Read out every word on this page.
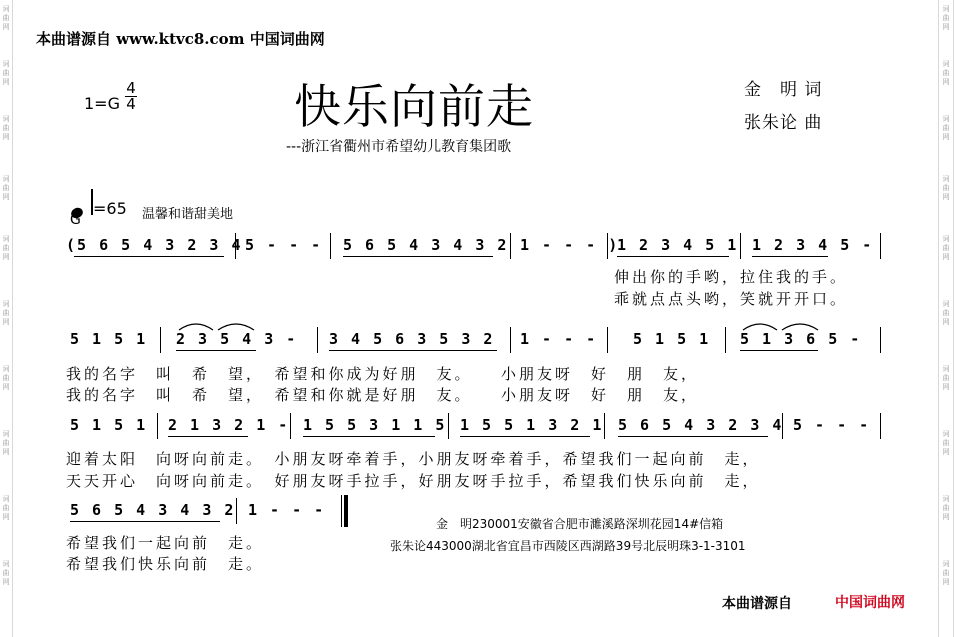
词曲网
词曲网
词曲网
词曲网
词曲网
词曲网
词曲网
词曲网
词曲网
词曲网
词曲网
词曲网
词曲网
词曲网
词曲网
词曲网
词曲网
词曲网
词曲网
词曲网
本曲谱源自 www.ktvc8.com 中国词曲网
1=G
4
4	快乐向前走
---浙江省衢州市希望幼儿教育集团歌
金　明 词
张朱论 曲
G
=65 温馨和谐甜美地
(5 6 5 4 3 2 3 4 5 - - - 5 6 5 4 3 4 3 2 1 - - - )
1 2 3 4 5 1 1 2 3 4 5 -
伸出你的手哟，拉住我的手。
乖就点点头哟，笑就开开口。
5 1 5 1 2 3 5 4 3 - 3 4 5 6 3 5 3 2 1 - - - 5 1 5 1 5 1 3 6 5 -
我的名字　叫　希　望，　希望和你成为好朋　友。　　小朋友呀　好　朋　友，
我的名字　叫　希　望，　希望和你就是好朋　友。　　小朋友呀　好　朋　友，
5 1 5 1 2 1 3 2 1 - 1 5 5 3 1 1 5 1 5 5 1 3 2 1 5 6 5 4 3 2 3 4 5 - - -
迎着太阳　向呀向前走。　小朋友呀牵着手，小朋友呀牵着手，希望我们一起向前　走，
天天开心　向呀向前走。　好朋友呀手拉手，好朋友呀手拉手，希望我们快乐向前　走，
5 6 5 4 3 4 3 2 1 - - -
希望我们一起向前　走。
希望我们快乐向前　走。
金　明230001安徽省合肥市濉溪路深圳花园14#信箱
张朱论443000湖北省宜昌市西陵区西湖路39号北辰明珠3-1-3101
本曲谱源自	中国词曲网
